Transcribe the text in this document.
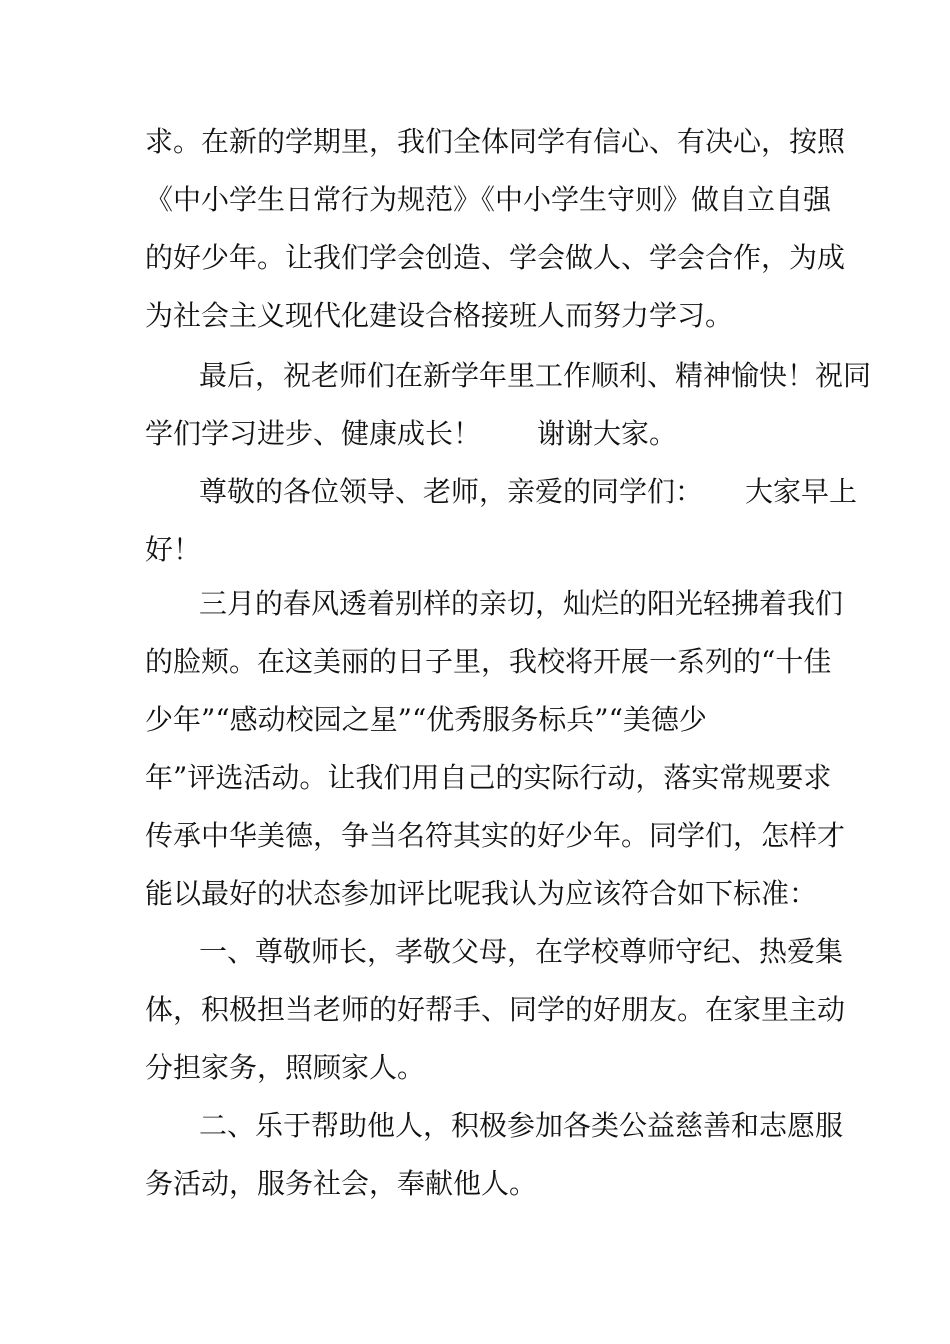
求。在新的学期里，我们全体同学有信心、有决心，按照
《中小学生日常行为规范》《中小学生守则》做自立自强
的好少年。让我们学会创造、学会做人、学会合作，为成
为社会主义现代化建设合格接班人而努力学习。
最后，祝老师们在新学年里工作顺利、精神愉快！祝同
学们学习进步、健康成长！　　谢谢大家。
尊敬的各位领导、老师，亲爱的同学们：　　大家早上
好！
三月的春风透着别样的亲切，灿烂的阳光轻拂着我们
的脸颊。在这美丽的日子里，我校将开展一系列的“十佳
少年”“感动校园之星”“优秀服务标兵”“美德少
年”评选活动。让我们用自己的实际行动，落实常规要求
传承中华美德，争当名符其实的好少年。同学们，怎样才
能以最好的状态参加评比呢我认为应该符合如下标准：
一、尊敬师长，孝敬父母，在学校尊师守纪、热爱集
体，积极担当老师的好帮手、同学的好朋友。在家里主动
分担家务，照顾家人。
二、乐于帮助他人，积极参加各类公益慈善和志愿服
务活动，服务社会，奉献他人。
